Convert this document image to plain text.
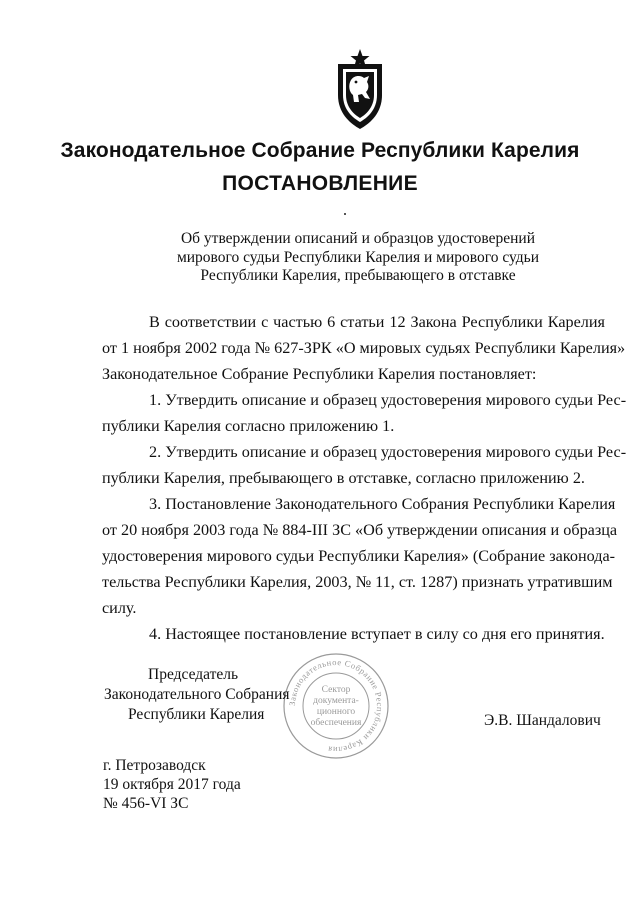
Законодательное Собрание Республики Карелия
ПОСТАНОВЛЕНИЕ
Об утверждении описаний и образцов удостоверений
мирового судьи Республики Карелия и мирового судьи
Республики Карелия, пребывающего в отставке
В соответствии с частью 6 статьи 12 Закона Республики Карелия
от 1 ноября 2002 года № 627-ЗРК «О мировых судьях Республики Карелия»
Законодательное Собрание Республики Карелия постановляет:
1. Утвердить описание и образец удостоверения мирового судьи Рес-
публики Карелия согласно приложению 1.
2. Утвердить описание и образец удостоверения мирового судьи Рес-
публики Карелия, пребывающего в отставке, согласно приложению 2.
3. Постановление Законодательного Собрания Республики Карелия
от 20 ноября 2003 года № 884-III ЗС «Об утверждении описания и образца
удостоверения мирового судьи Республики Карелия» (Собрание законода-
тельства Республики Карелия, 2003, № 11, ст. 1287) признать утратившим
силу.
4. Настоящее постановление вступает в силу со дня его принятия.
Законодательное Собрание Республики Карелия
Сектор
документа-
ционного
обеспечения
Председатель
Законодательного Собрания
Республики Карелия	Э.В. Шандалович
г. Петрозаводск
19 октября 2017 года
№ 456-VI ЗС
